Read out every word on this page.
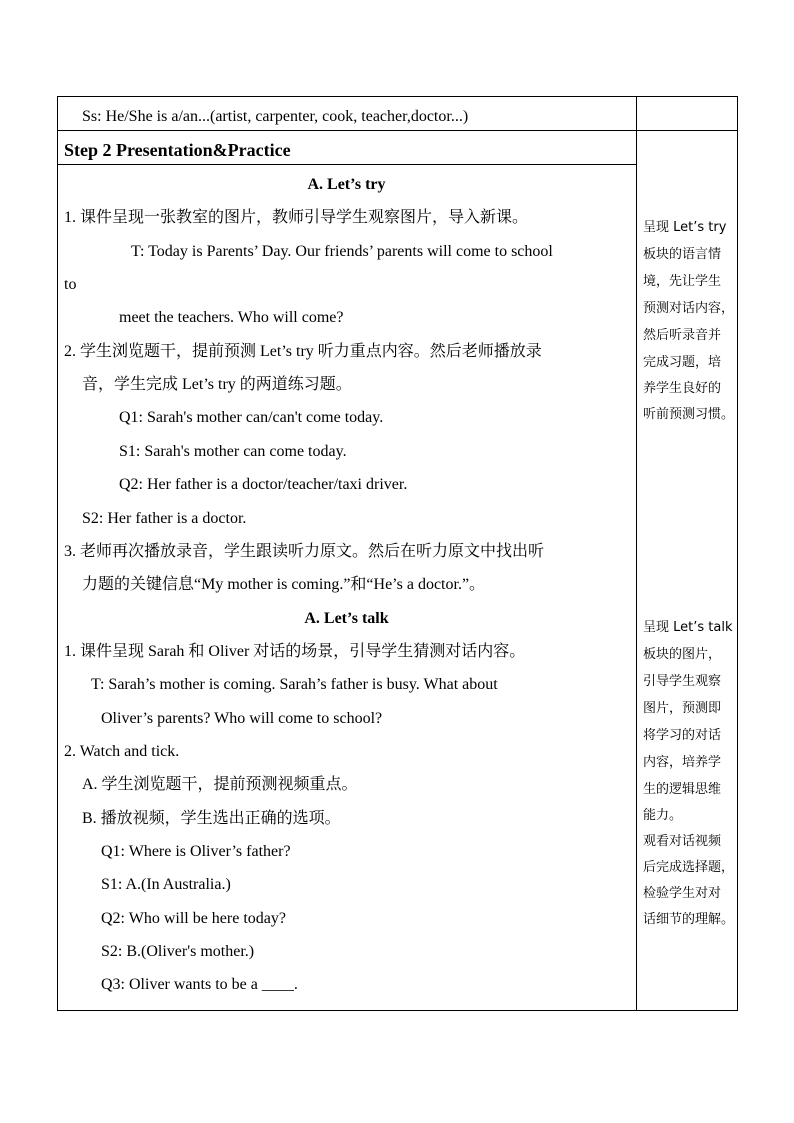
Ss: He/She is a/an...(artist, carpenter, cook, teacher,doctor...)
Step 2 Presentation&Practice
A. Let’s try
1. 课件呈现一张教室的图片，教师引导学生观察图片，导入新课。
T: Today is Parents’ Day. Our friends’ parents will come to school
to
meet the teachers. Who will come?
2. 学生浏览题干，提前预测 Let’s try 听力重点内容。然后老师播放录
音，学生完成 Let’s try 的两道练习题。
Q1: Sarah's mother can/can't come today.
S1: Sarah's mother can come today.
Q2: Her father is a doctor/teacher/taxi driver.
S2: Her father is a doctor.
3. 老师再次播放录音，学生跟读听力原文。然后在听力原文中找出听
力题的关键信息“My mother is coming.”和“He’s a doctor.”。
A. Let’s talk
1. 课件呈现 Sarah 和 Oliver 对话的场景，引导学生猜测对话内容。
T: Sarah’s mother is coming. Sarah’s father is busy. What about
Oliver’s parents? Who will come to school?
2. Watch and tick.
A. 学生浏览题干，提前预测视频重点。
B. 播放视频，学生选出正确的选项。
Q1: Where is Oliver’s father?
S1: A.(In Australia.)
Q2: Who will be here today?
S2: B.(Oliver's mother.)
Q3: Oliver wants to be a ____.
呈现 Let’s try
板块的语言情
境，先让学生
预测对话内容，
然后听录音并
完成习题，培
养学生良好的
听前预测习惯。
呈现 Let’s talk
板块的图片，
引导学生观察
图片，预测即
将学习的对话
内容，培养学
生的逻辑思维
能力。
观看对话视频
后完成选择题，
检验学生对对
话细节的理解。
